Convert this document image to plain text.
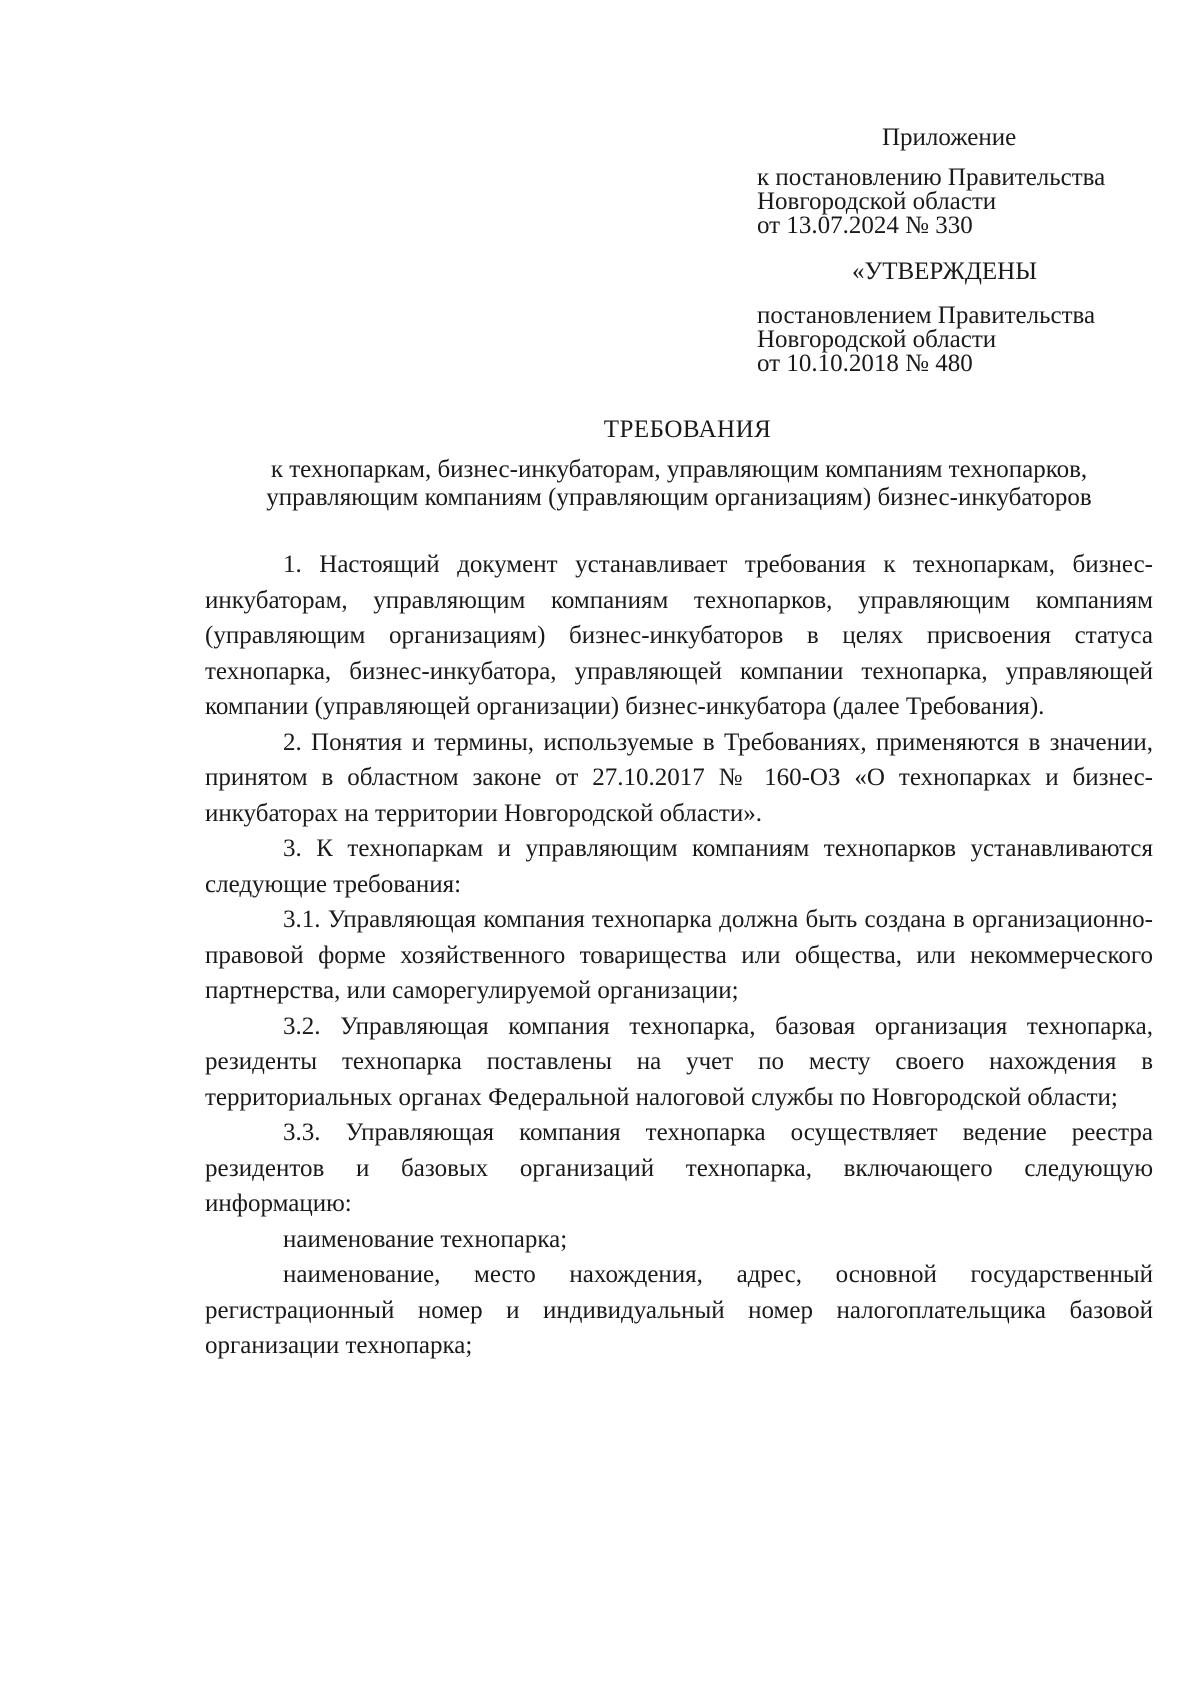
Приложение
к постановлению Правительства
Новгородской области
от 13.07.2024 № 330
«УТВЕРЖДЕНЫ
постановлением Правительства
Новгородской области
от 10.10.2018 № 480
ТРЕБОВАНИЯ
к технопаркам, бизнес-инкубаторам, управляющим компаниям технопарков,
управляющим компаниям (управляющим организациям) бизнес-инкубаторов

1. Настоящий документ устанавливает требования к технопаркам, бизнес-инкубаторам, управляющим компаниям технопарков, управляющим компаниям (управляющим организациям) бизнес-инкубаторов в целях присвоения статуса технопарка, бизнес-инкубатора, управляющей компании технопарка, управляющей компании (управляющей организации) бизнес-инкубатора (далее Требования).

2. Понятия и термины, используемые в Требованиях, применяются в значении, принятом в областном законе от 27.10.2017 № 160-ОЗ «О технопарках и бизнес-инкубаторах на территории Новгородской области».

3. К технопаркам и управляющим компаниям технопарков устанавливаются следующие требования:

3.1. Управляющая компания технопарка должна быть создана в организационно-правовой форме хозяйственного товарищества или общества, или некоммерческого партнерства, или саморегулируемой организации;

3.2. Управляющая компания технопарка, базовая организация технопарка, резиденты технопарка поставлены на учет по месту своего нахождения в территориальных органах Федеральной налоговой службы по Новгородской области;

3.3. Управляющая компания технопарка осуществляет ведение реестра резидентов и базовых организаций технопарка, включающего следующую информацию:

наименование технопарка;

наименование, место нахождения, адрес, основной государственный регистрационный номер и индивидуальный номер налогоплательщика базовой организации технопарка;
